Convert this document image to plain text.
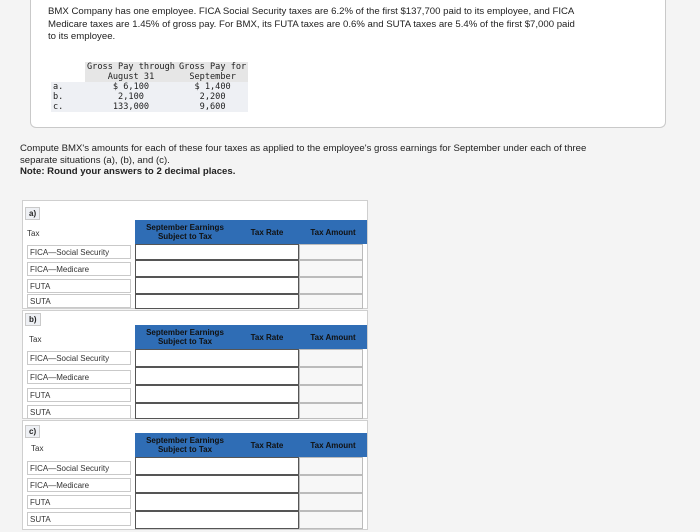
BMX Company has one employee. FICA Social Security taxes are 6.2% of the first $137,700 paid to its employee, and FICA
Medicare taxes are 1.45% of gross pay. For BMX, its FUTA taxes are 0.6% and SUTA taxes are 5.4% of the first $7,000 paid
to its employee.
	Gross Pay through
August 31	Gross Pay for
September
a.	$ 6,100	$ 1,400
b.	2,100	2,200
c.	133,000	9,600
Compute BMX's amounts for each of these four taxes as applied to the employee's gross earnings for September under each of three
separate situations (a), (b), and (c).
Note: Round your answers to 2 decimal places.
a)
Tax
September Earnings Subject to Tax	Tax Rate	Tax Amount
FICA—Social Security
FICA—Medicare
FUTA
SUTA
b)
Tax
September Earnings Subject to Tax	Tax Rate	Tax Amount
FICA—Social Security
FICA—Medicare
FUTA
SUTA
c)
Tax
September Earnings Subject to Tax	Tax Rate	Tax Amount
FICA—Social Security
FICA—Medicare
FUTA
SUTA
